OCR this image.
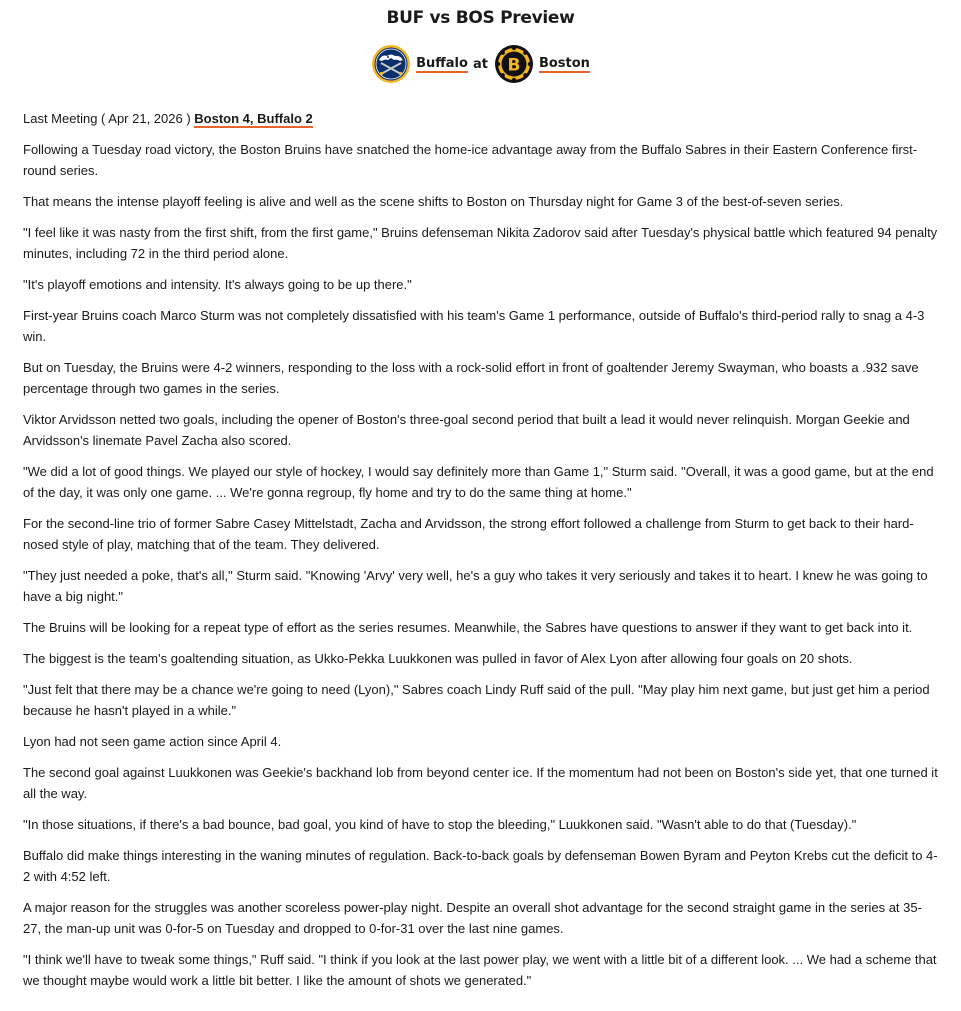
BUF vs BOS Preview
Buffalo at B Boston
Last Meeting ( Apr 21, 2026 ) Boston 4, Buffalo 2

Following a Tuesday road victory, the Boston Bruins have snatched the home-ice advantage away from the Buffalo Sabres in their Eastern Conference first-round series.

That means the intense playoff feeling is alive and well as the scene shifts to Boston on Thursday night for Game 3 of the best-of-seven series.

"I feel like it was nasty from the first shift, from the first game," Bruins defenseman Nikita Zadorov said after Tuesday's physical battle which featured 94 penalty minutes, including 72 in the third period alone.

"It's playoff emotions and intensity. It's always going to be up there."

First-year Bruins coach Marco Sturm was not completely dissatisfied with his team's Game 1 performance, outside of Buffalo's third-period rally to snag a 4-3 win.

But on Tuesday, the Bruins were 4-2 winners, responding to the loss with a rock-solid effort in front of goaltender Jeremy Swayman, who boasts a .932 save percentage through two games in the series.

Viktor Arvidsson netted two goals, including the opener of Boston's three-goal second period that built a lead it would never relinquish. Morgan Geekie and Arvidsson's linemate Pavel Zacha also scored.

"We did a lot of good things. We played our style of hockey, I would say definitely more than Game 1," Sturm said. "Overall, it was a good game, but at the end of the day, it was only one game. ... We're gonna regroup, fly home and try to do the same thing at home."

For the second-line trio of former Sabre Casey Mittelstadt, Zacha and Arvidsson, the strong effort followed a challenge from Sturm to get back to their hard-nosed style of play, matching that of the team. They delivered.

"They just needed a poke, that's all," Sturm said. "Knowing 'Arvy' very well, he's a guy who takes it very seriously and takes it to heart. I knew he was going to have a big night."

The Bruins will be looking for a repeat type of effort as the series resumes. Meanwhile, the Sabres have questions to answer if they want to get back into it.

The biggest is the team's goaltending situation, as Ukko-Pekka Luukkonen was pulled in favor of Alex Lyon after allowing four goals on 20 shots.

"Just felt that there may be a chance we're going to need (Lyon)," Sabres coach Lindy Ruff said of the pull. "May play him next game, but just get him a period because he hasn't played in a while."

Lyon had not seen game action since April 4.

The second goal against Luukkonen was Geekie's backhand lob from beyond center ice. If the momentum had not been on Boston's side yet, that one turned it all the way.

"In those situations, if there's a bad bounce, bad goal, you kind of have to stop the bleeding," Luukkonen said. "Wasn't able to do that (Tuesday)."

Buffalo did make things interesting in the waning minutes of regulation. Back-to-back goals by defenseman Bowen Byram and Peyton Krebs cut the deficit to 4-2 with 4:52 left.

A major reason for the struggles was another scoreless power-play night. Despite an overall shot advantage for the second straight game in the series at 35-27, the man-up unit was 0-for-5 on Tuesday and dropped to 0-for-31 over the last nine games.

"I think we'll have to tweak some things," Ruff said. "I think if you look at the last power play, we went with a little bit of a different look. ... We had a scheme that we thought maybe would work a little bit better. I like the amount of shots we generated."
